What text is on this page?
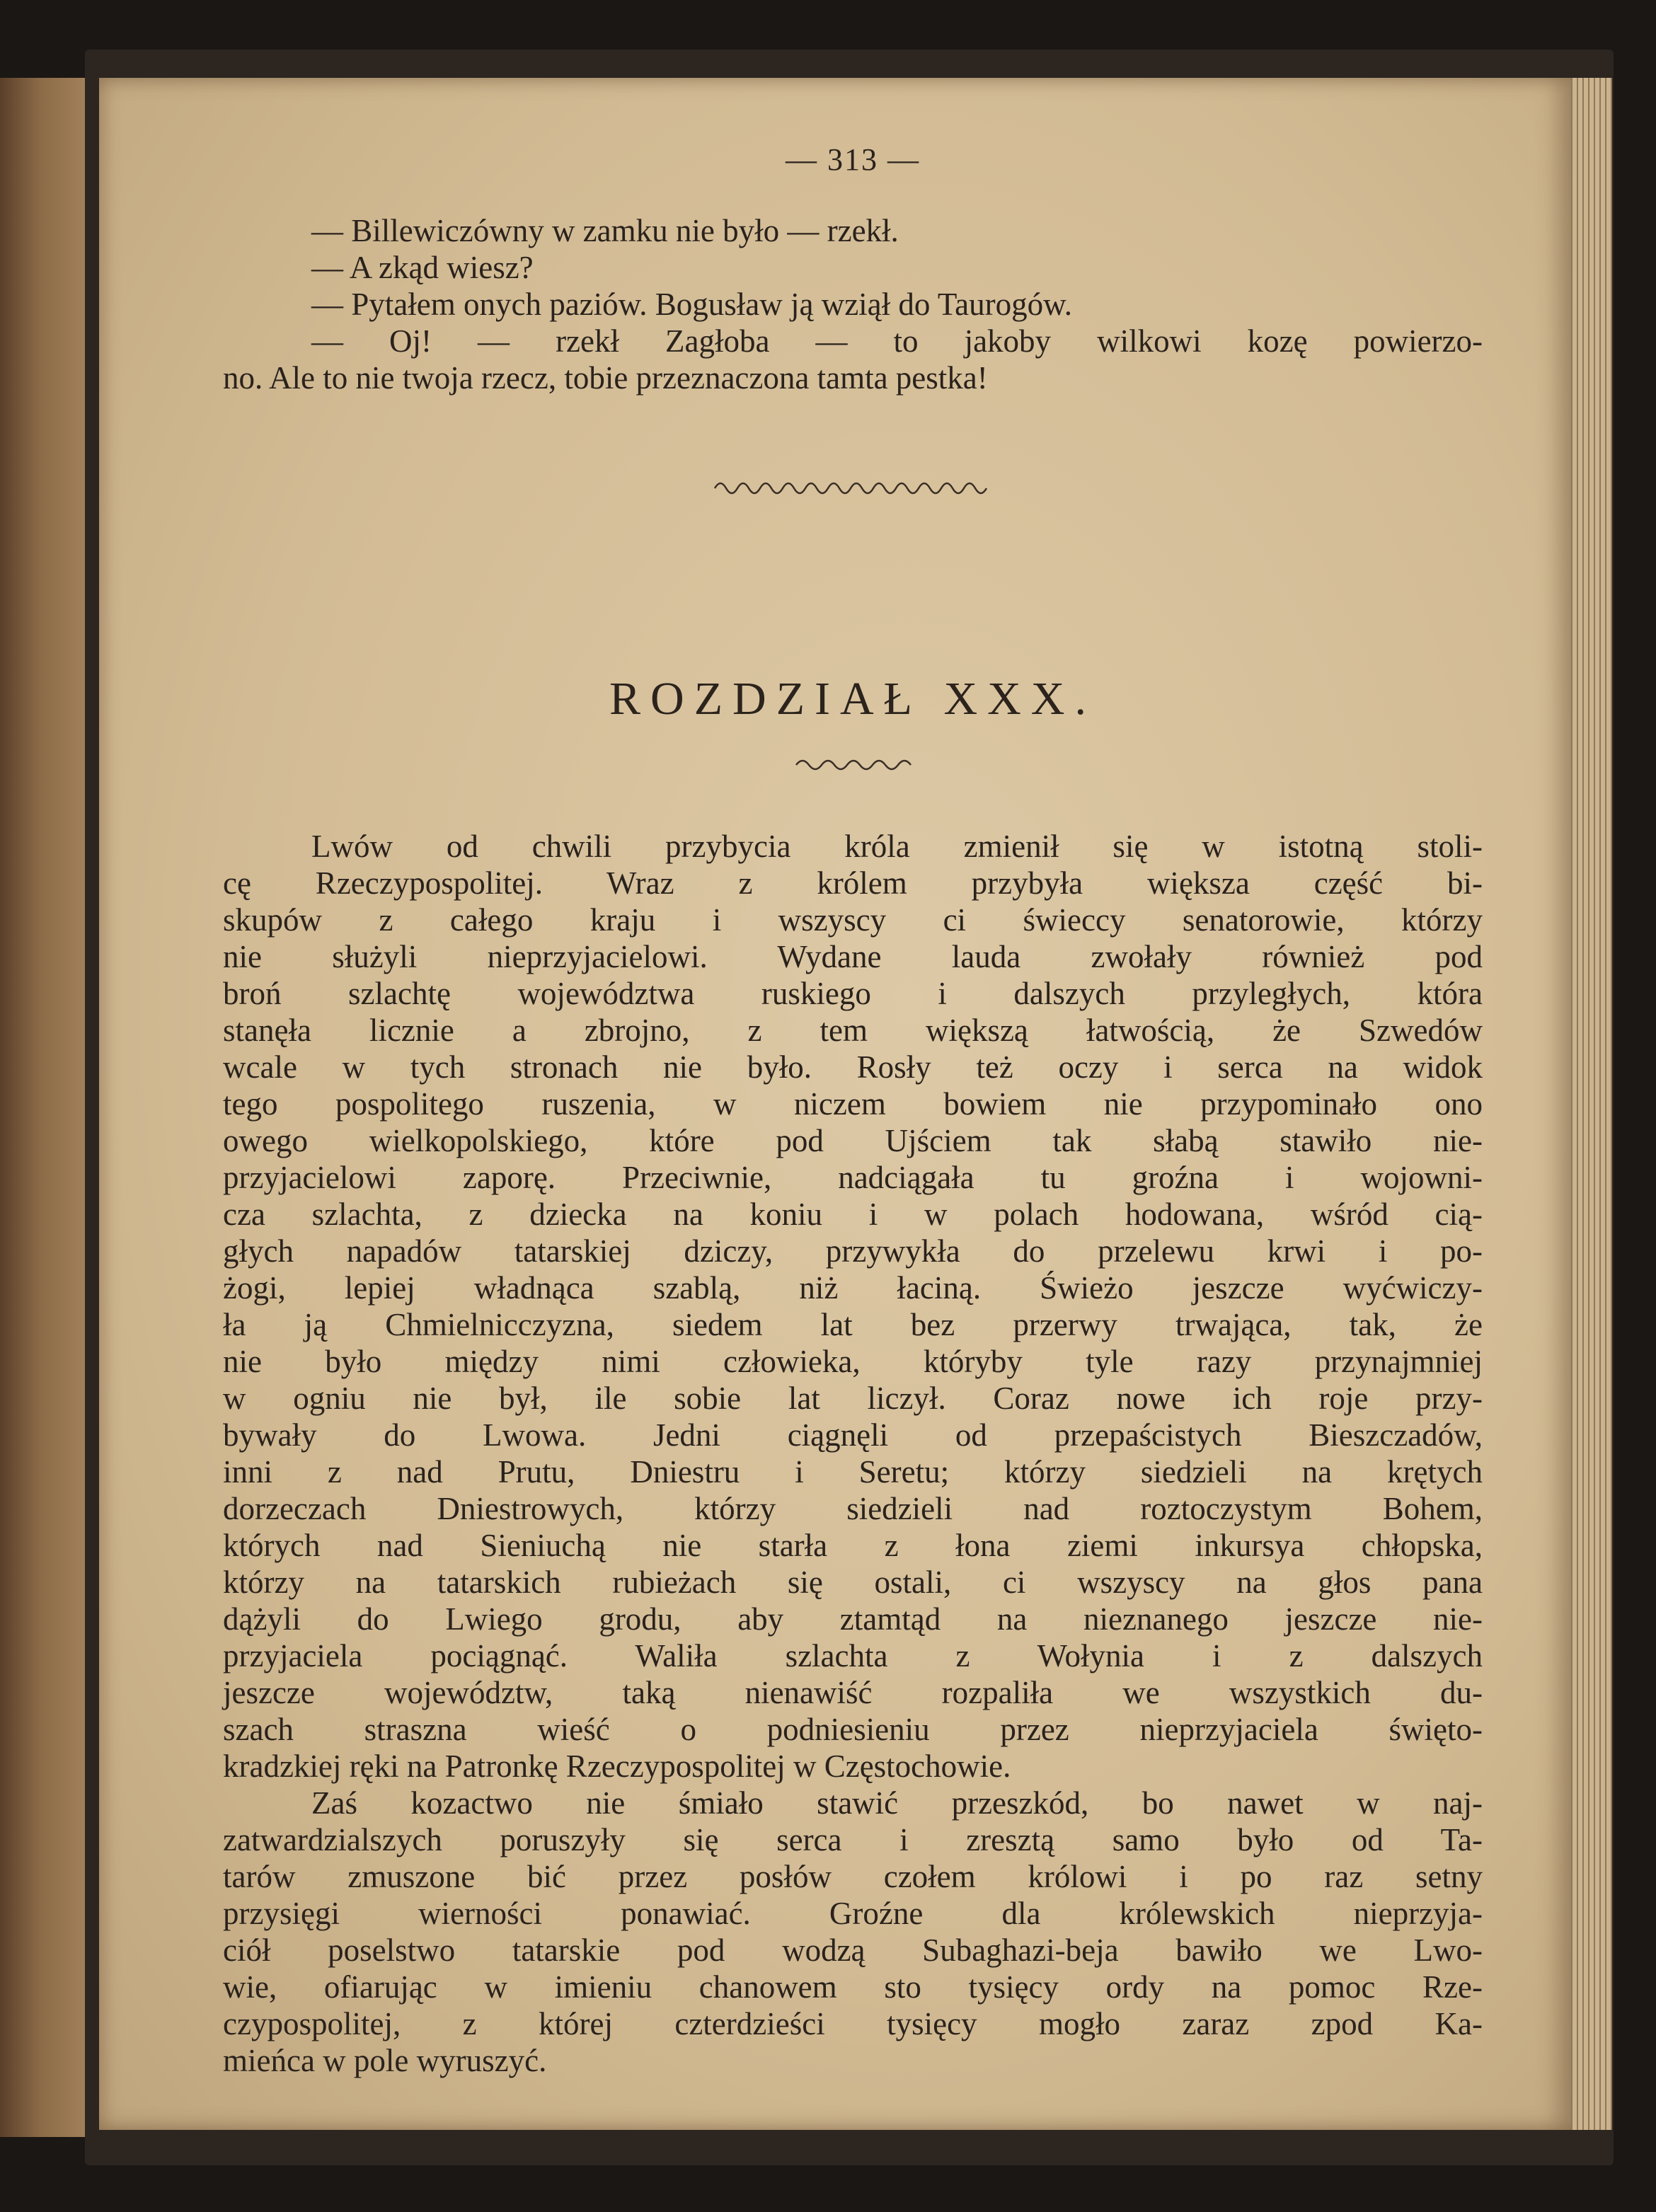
— 313 —
— Billewiczówny w zamku nie było — rzekł.
— A zkąd wiesz?
— Pytałem onych paziów. Bogusław ją wziął do Taurogów.
— Oj! — rzekł Zagłoba — to jakoby wilkowi kozę powierzo-
no. Ale to nie twoja rzecz, tobie przeznaczona tamta pestka!
ROZDZIAŁ XXX.
Lwów od chwili przybycia króla zmienił się w istotną stoli-
cę Rzeczypospolitej. Wraz z królem przybyła większa część bi-
skupów z całego kraju i wszyscy ci świeccy senatorowie, którzy
nie służyli nieprzyjacielowi. Wydane lauda zwołały również pod
broń szlachtę województwa ruskiego i dalszych przyległych, która
stanęła licznie a zbrojno, z tem większą łatwością, że Szwedów
wcale w tych stronach nie było. Rosły też oczy i serca na widok
tego pospolitego ruszenia, w niczem bowiem nie przypominało ono
owego wielkopolskiego, które pod Ujściem tak słabą stawiło nie-
przyjacielowi zaporę. Przeciwnie, nadciągała tu groźna i wojowni-
cza szlachta, z dziecka na koniu i w polach hodowana, wśród cią-
głych napadów tatarskiej dziczy, przywykła do przelewu krwi i po-
żogi, lepiej władnąca szablą, niż łaciną. Świeżo jeszcze wyćwiczy-
ła ją Chmielnicczyzna, siedem lat bez przerwy trwająca, tak, że
nie było między nimi człowieka, któryby tyle razy przynajmniej
w ogniu nie był, ile sobie lat liczył. Coraz nowe ich roje przy-
bywały do Lwowa. Jedni ciągnęli od przepaścistych Bieszczadów,
inni z nad Prutu, Dniestru i Seretu; którzy siedzieli na krętych
dorzeczach Dniestrowych, którzy siedzieli nad roztoczystym Bohem,
których nad Sieniuchą nie starła z łona ziemi inkursya chłopska,
którzy na tatarskich rubieżach się ostali, ci wszyscy na głos pana
dążyli do Lwiego grodu, aby ztamtąd na nieznanego jeszcze nie-
przyjaciela pociągnąć. Waliła szlachta z Wołynia i z dalszych
jeszcze województw, taką nienawiść rozpaliła we wszystkich du-
szach straszna wieść o podniesieniu przez nieprzyjaciela święto-
kradzkiej ręki na Patronkę Rzeczypospolitej w Częstochowie.
Zaś kozactwo nie śmiało stawić przeszkód, bo nawet w naj-
zatwardzialszych poruszyły się serca i zresztą samo było od Ta-
tarów zmuszone bić przez posłów czołem królowi i po raz setny
przysięgi wierności ponawiać. Groźne dla królewskich nieprzyja-
ciół poselstwo tatarskie pod wodzą Subaghazi-beja bawiło we Lwo-
wie, ofiarując w imieniu chanowem sto tysięcy ordy na pomoc Rze-
czypospolitej, z której czterdzieści tysięcy mogło zaraz zpod Ka-
mieńca w pole wyruszyć.
